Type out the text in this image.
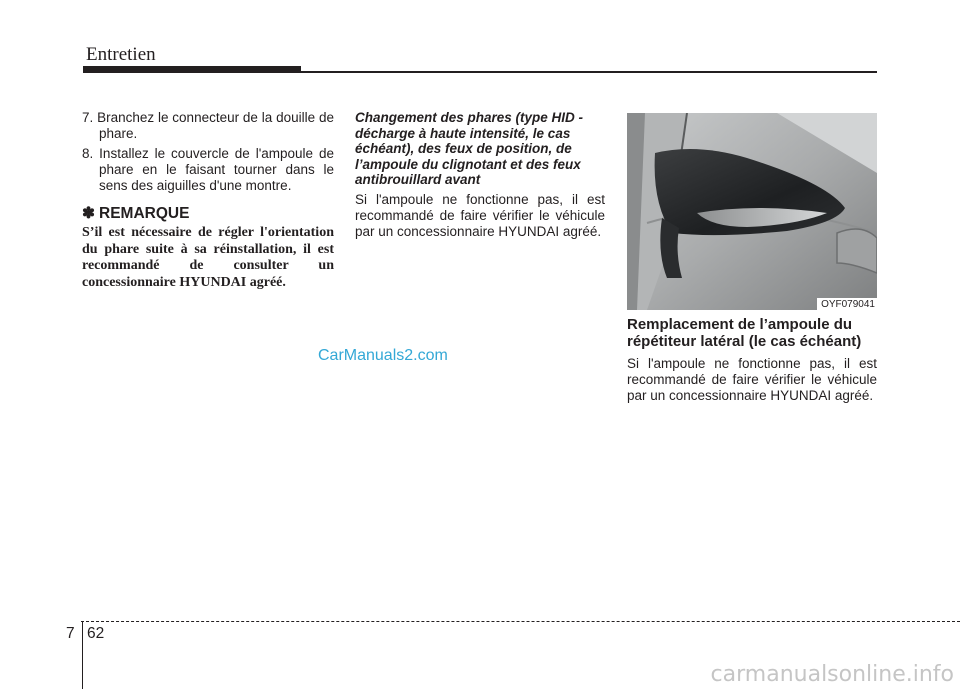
Entretien

7. Branchez le connecteur de la douille de phare.

8. Installez le couvercle de l'ampoule de phare en le faisant tourner dans le sens des aiguilles d'une montre.

✽ REMARQUE
S’il est nécessaire de régler l'orientation du phare suite à sa réinstallation, il est recommandé de consulter un concessionnaire HYUNDAI agréé.

Changement des phares (type HID - décharge à haute intensité, le cas échéant), des feux de position, de l’ampoule du clignotant et des feux antibrouillard avant

Si l'ampoule ne fonctionne pas, il est recommandé de faire vérifier le véhicule par un concessionnaire HYUNDAI agréé.

OYF079041

Remplacement de l’ampoule du répétiteur latéral (le cas échéant)

Si l'ampoule ne fonctionne pas, il est recommandé de faire vérifier le véhicule par un concessionnaire HYUNDAI agréé.

CarManuals2.com
7 62
carmanualsonline.info
